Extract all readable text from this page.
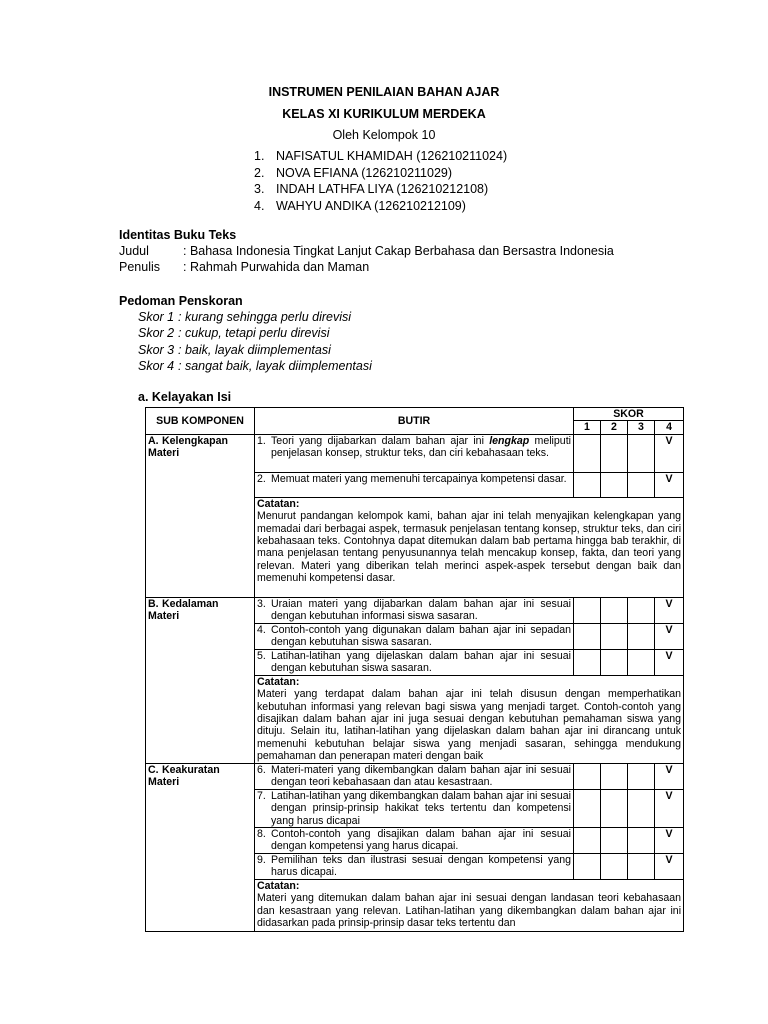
INSTRUMEN PENILAIAN BAHAN AJAR
KELAS XI KURIKULUM MERDEKA
Oleh Kelompok 10
1. NAFISATUL KHAMIDAH (126210211024)
2. NOVA EFIANA (126210211029)
3. INDAH LATHFA LIYA (126210212108)
4. WAHYU ANDIKA (126210212109)
Identitas Buku Teks
Judul	: Bahasa Indonesia Tingkat Lanjut Cakap Berbahasa dan Bersastra Indonesia
Penulis : Rahmah Purwahida dan Maman
Pedoman Penskoran
Skor 1 : kurang sehingga perlu direvisi
Skor 2 : cukup, tetapi perlu direvisi
Skor 3 : baik, layak diimplementasi
Skor 4 : sangat baik, layak diimplementasi
a. Kelayakan Isi
SUB KOMPONEN	BUTIR	SKOR			
		1	2	3	4
A. Kelengkapan Materi	1. Teori yang dijabarkan dalam bahan ajar ini lengkap meliputi penjelasan konsep, struktur teks, dan ciri kebahasaan teks.				V

	2. Memuat materi yang memenuhi tercapainya kompetensi dasar.				V

	Catatan:
Menurut pandangan kelompok kami, bahan ajar ini telah menyajikan kelengkapan yang memadai dari berbagai aspek, termasuk penjelasan tentang konsep, struktur teks, dan ciri kebahasaan teks. Contohnya dapat ditemukan dalam bab pertama hingga bab terakhir, di mana penjelasan tentang penyusunannya telah mencakup konsep, fakta, dan teori yang relevan. Materi yang diberikan telah merinci aspek-aspek tersebut dengan baik dan memenuhi kompetensi dasar.				
B. Kedalaman Materi	3. Uraian materi yang dijabarkan dalam bahan ajar ini sesuai dengan kebutuhan informasi siswa sasaran.				V

	4. Contoh-contoh yang digunakan dalam bahan ajar ini sepadan dengan kebutuhan siswa sasaran.				V

	5. Latihan-latihan yang dijelaskan dalam bahan ajar ini sesuai dengan kebutuhan siswa sasaran.				V

	Catatan:
Materi yang terdapat dalam bahan ajar ini telah disusun dengan memperhatikan kebutuhan informasi yang relevan bagi siswa yang menjadi target. Contoh-contoh yang disajikan dalam bahan ajar ini juga sesuai dengan kebutuhan pemahaman siswa yang dituju. Selain itu, latihan-latihan yang dijelaskan dalam bahan ajar ini dirancang untuk memenuhi kebutuhan belajar siswa yang menjadi sasaran, sehingga mendukung pemahaman dan penerapan materi dengan baik				
C. Keakuratan Materi	6. Materi-materi yang dikembangkan dalam bahan ajar ini sesuai dengan teori kebahasaan dan atau kesastraan.				V

	7. Latihan-latihan yang dikembangkan dalam bahan ajar ini sesuai dengan prinsip-prinsip hakikat teks tertentu dan kompetensi yang harus dicapai				V

	8. Contoh-contoh yang disajikan dalam bahan ajar ini sesuai dengan kompetensi yang harus dicapai.				V

	9. Pemilihan teks dan ilustrasi sesuai dengan kompetensi yang harus dicapai.				V

	Catatan:
Materi yang ditemukan dalam bahan ajar ini sesuai dengan landasan teori kebahasaan dan kesastraan yang relevan. Latihan-latihan yang dikembangkan dalam bahan ajar ini didasarkan pada prinsip-prinsip dasar teks tertentu dan				
